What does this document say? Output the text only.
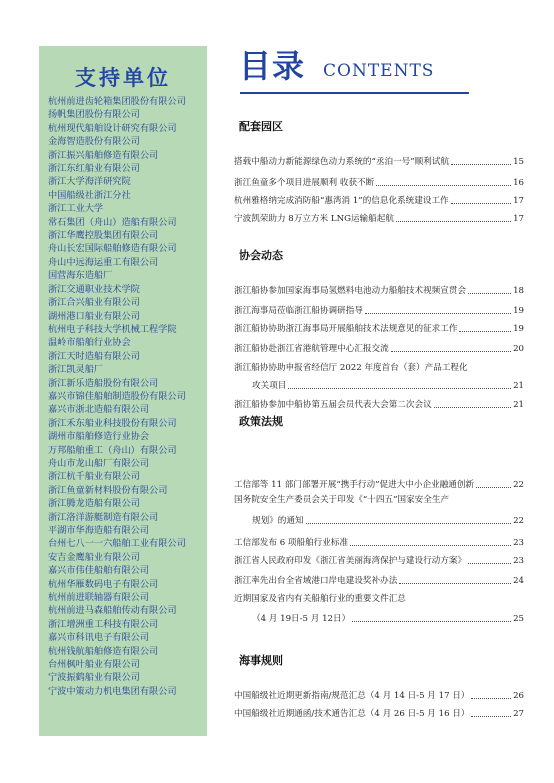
支持单位
杭州前进齿轮箱集团股份有限公司
扬帆集团股份有限公司
杭州现代船舶设计研究有限公司
金海智造股份有限公司
浙江振兴船舶修造有限公司
浙江东红船业有限公司
浙江大学海洋研究院
中国船级社浙江分社
浙江工业大学
常石集团（舟山）造船有限公司
浙江华鹰控股集团有限公司
舟山长宏国际船舶修造有限公司
舟山中远海运重工有限公司
国营海东造船厂
浙江交通职业技术学院
浙江合兴船业有限公司
湖州港口船业有限公司
杭州电子科技大学机械工程学院
温岭市船舶行业协会
浙江天时造船有限公司
浙江凯灵船厂
浙江新乐造船股份有限公司
嘉兴市锦佳船舶制造股份有限公司
嘉兴市浙北造船有限公司
浙江禾东船业科技股份有限公司
湖州市船舶修造行业协会
万邦船舶重工（舟山）有限公司
舟山市龙山船厂有限公司
浙江杭千船业有限公司
浙江鱼童新材料股份有限公司
浙江腾龙造船有限公司
浙江洛洋游艇制造有限公司
平湖市华海造船有限公司
台州七八一一六船舶工业有限公司
安吉金鹰船业有限公司
嘉兴市伟佳船舶有限公司
杭州华雁数码电子有限公司
杭州前进联轴器有限公司
杭州前进马森船舶传动有限公司
浙江增洲重工科技有限公司
嘉兴市科讯电子有限公司
杭州钱航船舶修造有限公司
台州枫叶船业有限公司
宁波振鹤船业有限公司
宁波中策动力机电集团有限公司
目录 CONTENTS
配套园区
搭载中船动力新能源绿色动力系统的“丞泊一号”顺利试航	15
浙江鱼童多个项目进展顺利 收获不断	16
杭州雅格纳完成消防船“惠湾消 1”的信息化系统建设工作	17
宁波凯荣助力 8万立方米 LNG运输船起航	17
协会动态
浙江船协参加国家海事局氢燃料电池动力船舶技术视频宣贯会	18
浙江海事局莅临浙江船协调研指导	19
浙江船协协助浙江海事局开展船舶技术法规意见的征求工作	19
浙江船协赴浙江省港航管理中心汇报交流	20
浙江船协协助申报省经信厅 2022 年度首台（套）产品工程化
攻关项目	21
浙江船协参加中船协第五届会员代表大会第二次会议	21
政策法规
工信部等 11 部门部署开展“携手行动”促进大中小企业融通创新	22
国务院安全生产委员会关于印发《“十四五”国家安全生产
规划》的通知	22
工信部发布 6 项船舶行业标准	23
浙江省人民政府印发《浙江省美丽海湾保护与建设行动方案》	23
浙江率先出台全省域港口岸电建设奖补办法	24
近期国家及省内有关船舶行业的重要文件汇总
（4 月 19日-5 月 12日）	25
海事规则
中国船级社近期更新指南/规范汇总（4 月 14 日-5 月 17 日）	26
中国船级社近期通函/技术通告汇总（4 月 26 日-5 月 16 日）	27
